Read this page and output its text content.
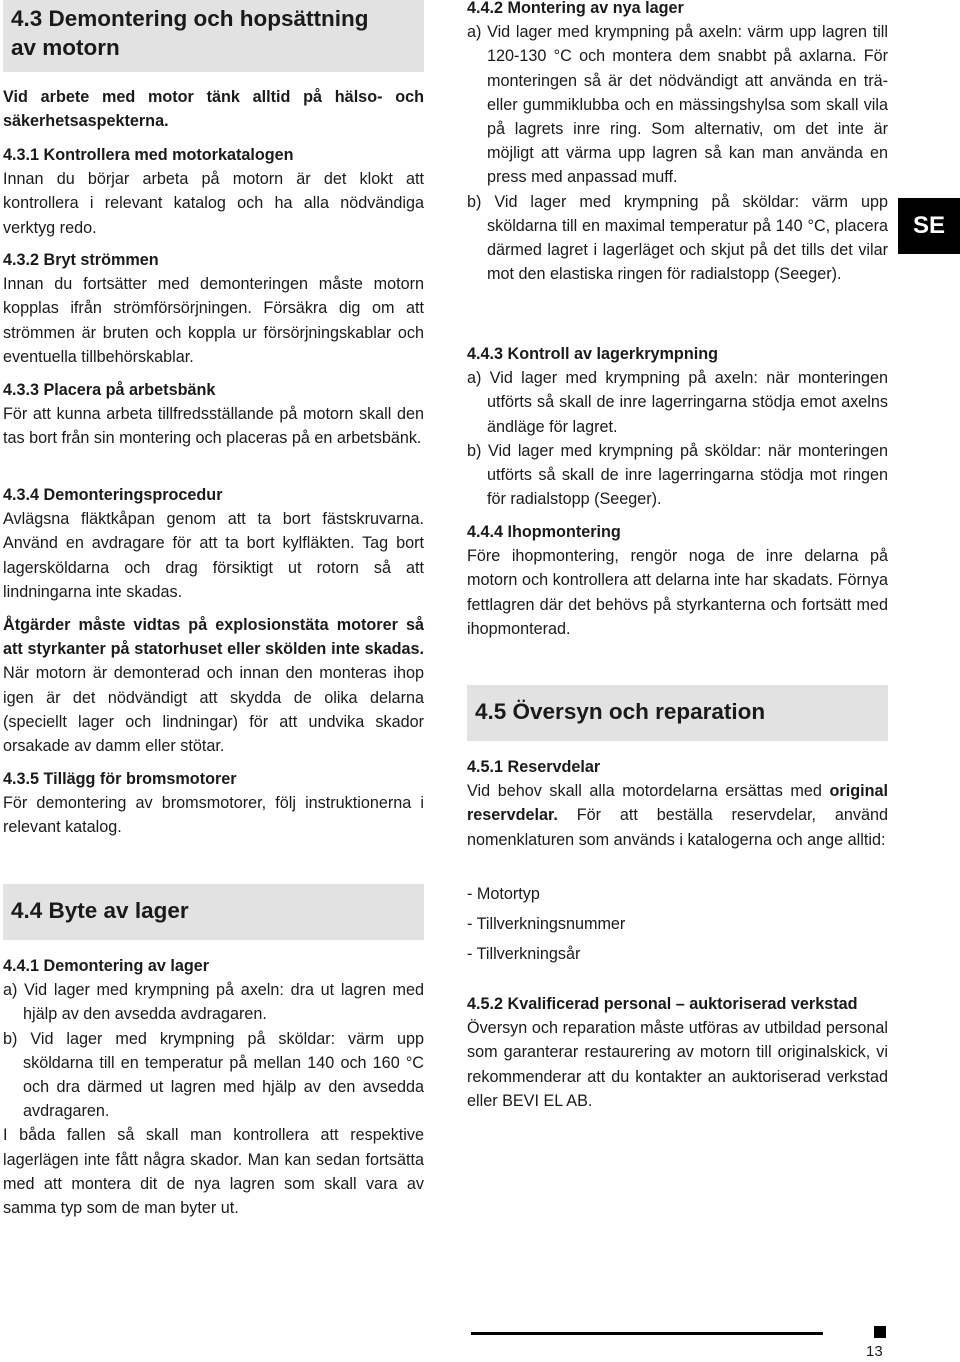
4.3 Demontering och hopsättning
av motorn

Vid arbete med motor tänk alltid på hälso- och säkerhetsaspekterna.

4.3.1 Kontrollera med motorkatalogen

Innan du börjar arbeta på motorn är det klokt att kontrollera i relevant katalog och ha alla nödvändiga verktyg redo.

4.3.2 Bryt strömmen

Innan du fortsätter med demonteringen måste motorn kopplas ifrån strömförsörjningen. Försäkra dig om att strömmen är bruten och koppla ur försörjningskablar och eventuella tillbehörskablar.

4.3.3 Placera på arbetsbänk

För att kunna arbeta tillfredsställande på motorn skall den tas bort från sin montering och placeras på en arbetsbänk.

4.3.4 Demonteringsprocedur

Avlägsna fläktkåpan genom att ta bort fästskruvarna. Använd en avdragare för att ta bort kylfläkten. Tag bort lagersköldarna och drag försiktigt ut rotorn så att lindningarna inte skadas.

Åtgärder måste vidtas på explosionstäta motorer så att styrkanter på statorhuset eller skölden inte skadas. När motorn är demonterad och innan den monteras ihop igen är det nödvändigt att skydda de olika delarna (speciellt lager och lindningar) för att undvika skador orsakade av damm eller stötar.

4.3.5 Tillägg för bromsmotorer

För demontering av bromsmotorer, följ instruktionerna i relevant katalog.

4.4 Byte av lager
4.4.1 Demontering av lager

a) Vid lager med krympning på axeln: dra ut lagren med hjälp av den avsedda avdragaren.

b) Vid lager med krympning på sköldar: värm upp sköldarna till en temperatur på mellan 140 och 160 °C och dra därmed ut lagren med hjälp av den avsedda avdragaren.

I båda fallen så skall man kontrollera att respektive lagerlägen inte fått några skador. Man kan sedan fortsätta med att montera dit de nya lagren som skall vara av samma typ som de man byter ut.

4.4.2 Montering av nya lager

a) Vid lager med krympning på axeln: värm upp lagren till 120-130 °C och montera dem snabbt på axlarna. För monteringen så är det nödvändigt att använda en trä- eller gummiklubba och en mässingshylsa som skall vila på lagrets inre ring. Som alternativ, om det inte är möjligt att värma upp lagren så kan man använda en press med anpassad muff.

b) Vid lager med krympning på sköldar: värm upp sköldarna till en maximal temperatur på 140 °C, placera därmed lagret i lagerläget och skjut på det tills det vilar mot den elastiska ringen för radialstopp (Seeger).

4.4.3 Kontroll av lagerkrympning

a) Vid lager med krympning på axeln: när monteringen utförts så skall de inre lagerringarna stödja emot axelns ändläge för lagret.

b) Vid lager med krympning på sköldar: när monteringen utförts så skall de inre lagerringarna stödja mot ringen för radialstopp (Seeger).

4.4.4 Ihopmontering

Före ihopmontering, rengör noga de inre delarna på motorn och kontrollera att delarna inte har skadats. Förnya fettlagren där det behövs på styrkanterna och fortsätt med ihopmonterad.

4.5 Översyn och reparation
4.5.1 Reservdelar

Vid behov skall alla motordelarna ersättas med original reservdelar. För att beställa reservdelar, använd nomenklaturen som används i katalogerna och ange alltid:

- Motortyp
- Tillverkningsnummer
- Tillverkningsår
4.5.2 Kvalificerad personal – auktoriserad verkstad

Översyn och reparation måste utföras av utbildad personal som garanterar restaurering av motorn till originalskick, vi rekommenderar att du kontakter an auktoriserad verkstad eller BEVI EL AB.

SE
13
